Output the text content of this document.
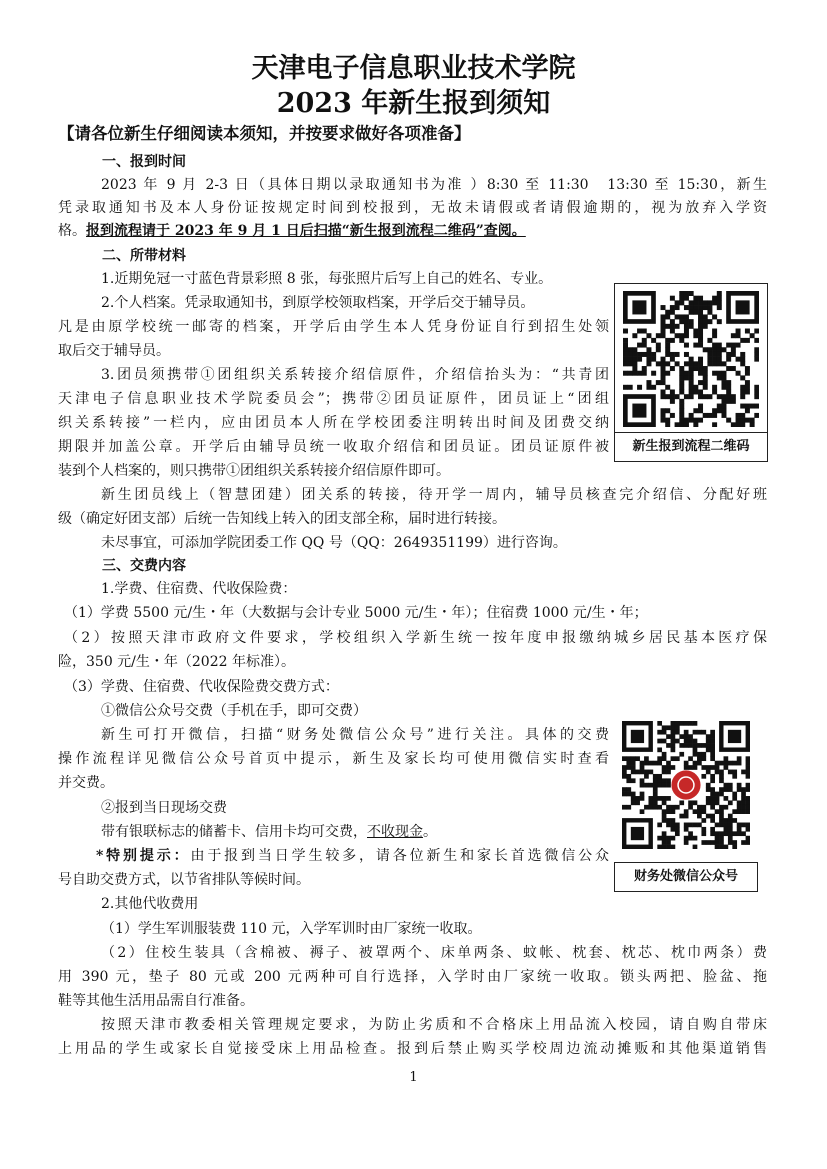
天津电子信息职业技术学院
2023 年新生报到须知
【请各位新生仔细阅读本须知，并按要求做好各项准备】
一、报到时间
2023 年 9 月 2-3 日（具体日期以录取通知书为准 ）8:30 至 11:30　13:30 至 15:30，新生
凭录取通知书及本人身份证按规定时间到校报到，无故未请假或者请假逾期的，视为放弃入学资
格。报到流程请于 2023 年 9 月 1 日后扫描“新生报到流程二维码”查阅。
二、所带材料
1.近期免冠一寸蓝色背景彩照 8 张，每张照片后写上自己的姓名、专业。
2.个人档案。凭录取通知书，到原学校领取档案，开学后交于辅导员。
凡是由原学校统一邮寄的档案，开学后由学生本人凭身份证自行到招生处领
取后交于辅导员。
3.团员须携带①团组织关系转接介绍信原件，介绍信抬头为：“共青团
天津电子信息职业技术学院委员会”；携带②团员证原件，团员证上“团组
织关系转接”一栏内，应由团员本人所在学校团委注明转出时间及团费交纳
期限并加盖公章。开学后由辅导员统一收取介绍信和团员证。团员证原件被
装到个人档案的，则只携带①团组织关系转接介绍信原件即可。
新生团员线上（智慧团建）团关系的转接，待开学一周内，辅导员核查完介绍信、分配好班
级（确定好团支部）后统一告知线上转入的团支部全称，届时进行转接。
未尽事宜，可添加学院团委工作 QQ 号（QQ：2649351199）进行咨询。
新生报到流程二维码
三、交费内容
1.学费、住宿费、代收保险费：
（1）学费 5500 元/生・年（大数据与会计专业 5000 元/生・年）；住宿费 1000 元/生・年；
（2）按照天津市政府文件要求，学校组织入学新生统一按年度申报缴纳城乡居民基本医疗保
险，350 元/生・年（2022 年标准）。
（3）学费、住宿费、代收保险费交费方式：
①微信公众号交费（手机在手，即可交费）
新生可打开微信，扫描“财务处微信公众号”进行关注。具体的交费
操作流程详见微信公众号首页中提示，新生及家长均可使用微信实时查看
并交费。
②报到当日现场交费
带有银联标志的储蓄卡、信用卡均可交费，不收现金。
*特别提示：由于报到当日学生较多，请各位新生和家长首选微信公众
号自助交费方式，以节省排队等候时间。
2.其他代收费用
（1）学生军训服装费 110 元，入学军训时由厂家统一收取。
（2）住校生装具（含棉被、褥子、被罩两个、床单两条、蚊帐、枕套、枕芯、枕巾两条）费
用 390 元，垫子 80 元或 200 元两种可自行选择，入学时由厂家统一收取。锁头两把、脸盆、拖
鞋等其他生活用品需自行准备。
按照天津市教委相关管理规定要求，为防止劣质和不合格床上用品流入校园，请自购自带床
上用品的学生或家长自觉接受床上用品检查。报到后禁止购买学校周边流动摊贩和其他渠道销售
财务处微信公众号
1
